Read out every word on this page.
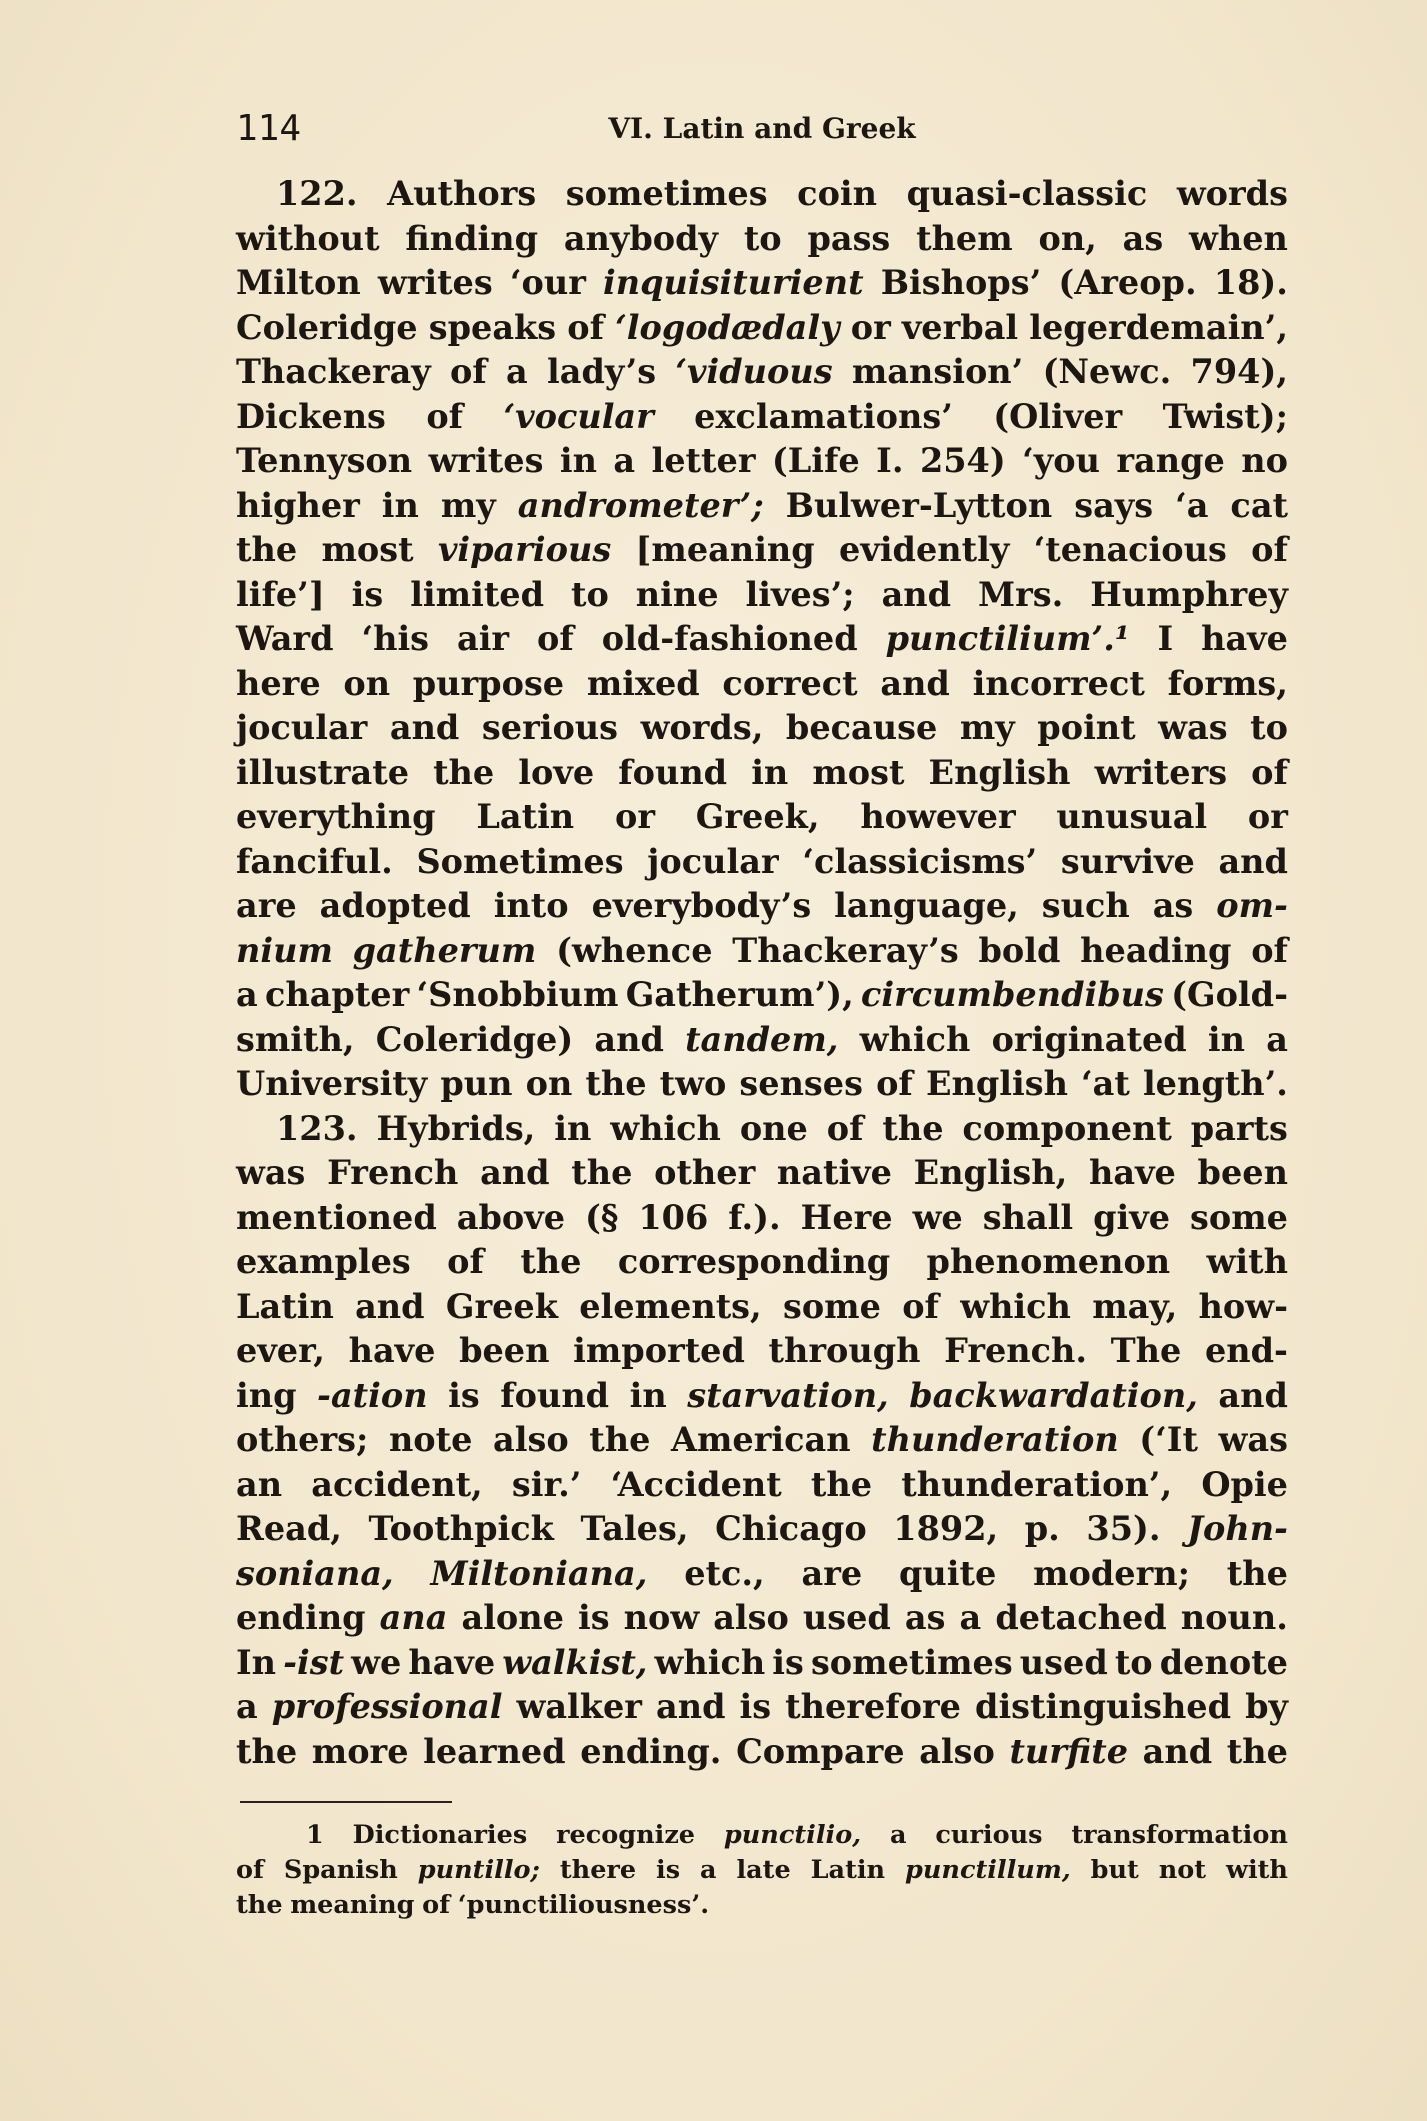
114	VI. Latin and Greek
122. Authors sometimes coin quasi-classic words
without finding anybody to pass them on, as when
Milton writes ‘our inquisiturient Bishops’ (Areop. 18).
Coleridge speaks of ‘logodædaly or verbal legerdemain’,
Thackeray of a lady’s ‘viduous mansion’ (Newc. 794),
Dickens of ‘vocular exclamations’ (Oliver Twist);
Tennyson writes in a letter (Life I. 254) ‘you range no
higher in my andrometer’; Bulwer-Lytton says ‘a cat
the most viparious [meaning evidently ‘tenacious of
life’] is limited to nine lives’; and Mrs. Humphrey
Ward ‘his air of old-fashioned punctilium’.¹ I have
here on purpose mixed correct and incorrect forms,
jocular and serious words, because my point was to
illustrate the love found in most English writers of
everything Latin or Greek, however unusual or
fanciful. Sometimes jocular ‘classicisms’ survive and
are adopted into everybody’s language, such as om-
nium gatherum (whence Thackeray’s bold heading of
a chapter ‘Snobbium Gatherum’), circumbendibus (Gold-
smith, Coleridge) and tandem, which originated in a
University pun on the two senses of English ‘at length’.
123. Hybrids, in which one of the component parts
was French and the other native English, have been
mentioned above (§ 106 f.). Here we shall give some
examples of the corresponding phenomenon with
Latin and Greek elements, some of which may, how-
ever, have been imported through French. The end-
ing -ation is found in starvation, backwardation, and
others; note also the American thunderation (‘It was
an accident, sir.’ ‘Accident the thunderation’, Opie
Read, Toothpick Tales, Chicago 1892, p. 35). John-
soniana, Miltoniana, etc., are quite modern; the
ending ana alone is now also used as a detached noun.
In -ist we have walkist, which is sometimes used to denote
a professional walker and is therefore distinguished by
the more learned ending. Compare also turfite and the
1 Dictionaries recognize punctilio, a curious transformation
of Spanish puntillo; there is a late Latin punctillum, but not with
the meaning of ‘punctiliousness’.
